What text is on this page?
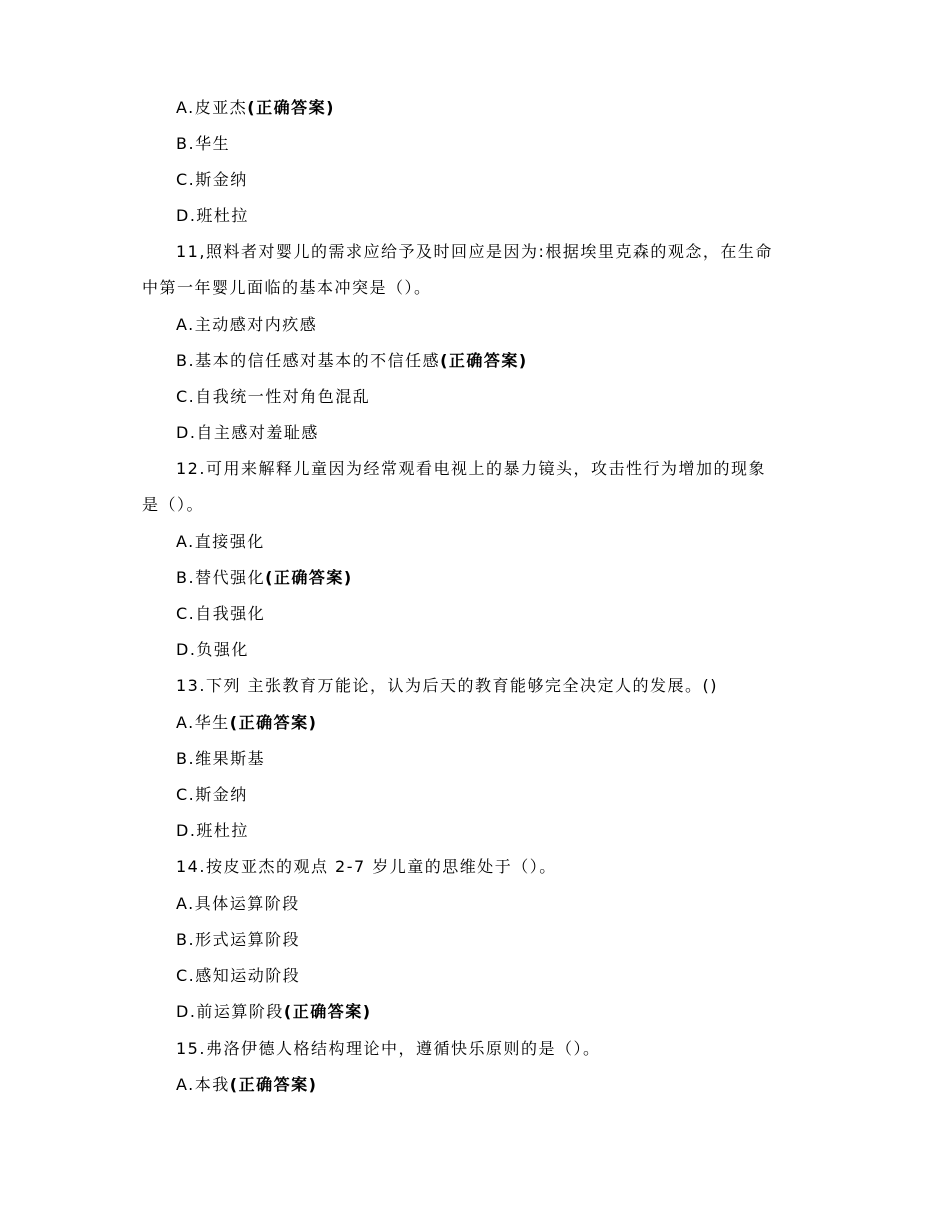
A.皮亚杰(正确答案)
B.华生
C.斯金纳
D.班杜拉
11,照料者对婴儿的需求应给予及时回应是因为:根据埃里克森的观念，在生命
中第一年婴儿面临的基本冲突是（）。
A.主动感对内疚感
B.基本的信任感对基本的不信任感(正确答案)
C.自我统一性对角色混乱
D.自主感对羞耻感
12.可用来解释儿童因为经常观看电视上的暴力镜头，攻击性行为增加的现象
是（）。
A.直接强化
B.替代强化(正确答案)
C.自我强化
D.负强化
13.下列 主张教育万能论，认为后天的教育能够完全决定人的发展。()
A.华生(正确答案)
B.维果斯基
C.斯金纳
D.班杜拉
14.按皮亚杰的观点 2-7 岁儿童的思维处于（）。
A.具体运算阶段
B.形式运算阶段
C.感知运动阶段
D.前运算阶段(正确答案)
15.弗洛伊德人格结构理论中，遵循快乐原则的是（）。
A.本我(正确答案)
